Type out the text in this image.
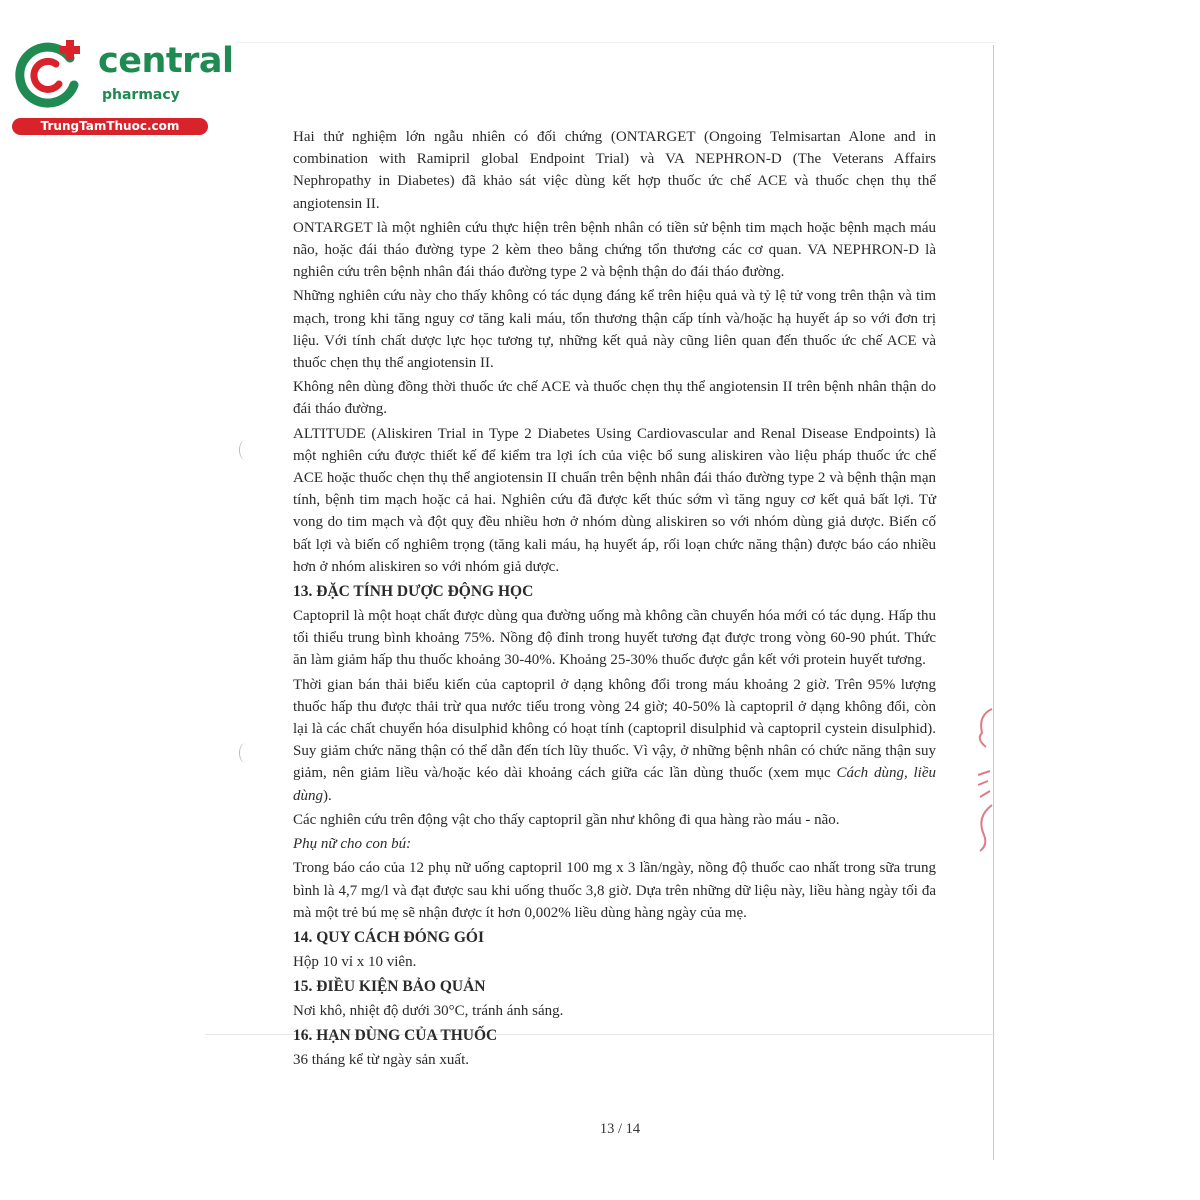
central
pharmacy
TrungTamThuoc.com

Hai thử nghiệm lớn ngẫu nhiên có đối chứng (ONTARGET (Ongoing Telmisartan Alone and in combination with Ramipril global Endpoint Trial) và VA NEPHRON-D (The Veterans Affairs Nephropathy in Diabetes) đã khảo sát việc dùng kết hợp thuốc ức chế ACE và thuốc chẹn thụ thể angiotensin II.

ONTARGET là một nghiên cứu thực hiện trên bệnh nhân có tiền sử bệnh tim mạch hoặc bệnh mạch máu não, hoặc đái tháo đường type 2 kèm theo bằng chứng tổn thương các cơ quan. VA NEPHRON-D là nghiên cứu trên bệnh nhân đái tháo đường type 2 và bệnh thận do đái tháo đường.

Những nghiên cứu này cho thấy không có tác dụng đáng kể trên hiệu quả và tỷ lệ tử vong trên thận và tim mạch, trong khi tăng nguy cơ tăng kali máu, tổn thương thận cấp tính và/hoặc hạ huyết áp so với đơn trị liệu. Với tính chất dược lực học tương tự, những kết quả này cũng liên quan đến thuốc ức chế ACE và thuốc chẹn thụ thể angiotensin II.

Không nên dùng đồng thời thuốc ức chế ACE và thuốc chẹn thụ thể angiotensin II trên bệnh nhân thận do đái tháo đường.

ALTITUDE (Aliskiren Trial in Type 2 Diabetes Using Cardiovascular and Renal Disease Endpoints) là một nghiên cứu được thiết kế để kiểm tra lợi ích của việc bổ sung aliskiren vào liệu pháp thuốc ức chế ACE hoặc thuốc chẹn thụ thể angiotensin II chuẩn trên bệnh nhân đái tháo đường type 2 và bệnh thận mạn tính, bệnh tim mạch hoặc cả hai. Nghiên cứu đã được kết thúc sớm vì tăng nguy cơ kết quả bất lợi. Tử vong do tim mạch và đột quỵ đều nhiều hơn ở nhóm dùng aliskiren so với nhóm dùng giả dược. Biến cố bất lợi và biến cố nghiêm trọng (tăng kali máu, hạ huyết áp, rối loạn chức năng thận) được báo cáo nhiều hơn ở nhóm aliskiren so với nhóm giả dược.

13. ĐẶC TÍNH DƯỢC ĐỘNG HỌC

Captopril là một hoạt chất được dùng qua đường uống mà không cần chuyển hóa mới có tác dụng. Hấp thu tối thiểu trung bình khoảng 75%. Nồng độ đỉnh trong huyết tương đạt được trong vòng 60-90 phút. Thức ăn làm giảm hấp thu thuốc khoảng 30-40%. Khoảng 25-30% thuốc được gắn kết với protein huyết tương.

Thời gian bán thải biểu kiến của captopril ở dạng không đổi trong máu khoảng 2 giờ. Trên 95% lượng thuốc hấp thu được thải trừ qua nước tiểu trong vòng 24 giờ; 40-50% là captopril ở dạng không đổi, còn lại là các chất chuyển hóa disulphid không có hoạt tính (captopril disulphid và captopril cystein disulphid). Suy giảm chức năng thận có thể dẫn đến tích lũy thuốc. Vì vậy, ở những bệnh nhân có chức năng thận suy giảm, nên giảm liều và/hoặc kéo dài khoảng cách giữa các lần dùng thuốc (xem mục Cách dùng, liều dùng).

Các nghiên cứu trên động vật cho thấy captopril gần như không đi qua hàng rào máu - não.

Phụ nữ cho con bú:

Trong báo cáo của 12 phụ nữ uống captopril 100 mg x 3 lần/ngày, nồng độ thuốc cao nhất trong sữa trung bình là 4,7 mg/l và đạt được sau khi uống thuốc 3,8 giờ. Dựa trên những dữ liệu này, liều hàng ngày tối đa mà một trẻ bú mẹ sẽ nhận được ít hơn 0,002% liều dùng hàng ngày của mẹ.

14. QUY CÁCH ĐÓNG GÓI

Hộp 10 vỉ x 10 viên.

15. ĐIỀU KIỆN BẢO QUẢN

Nơi khô, nhiệt độ dưới 30°C, tránh ánh sáng.

16. HẠN DÙNG CỦA THUỐC

36 tháng kể từ ngày sản xuất.

13 / 14
